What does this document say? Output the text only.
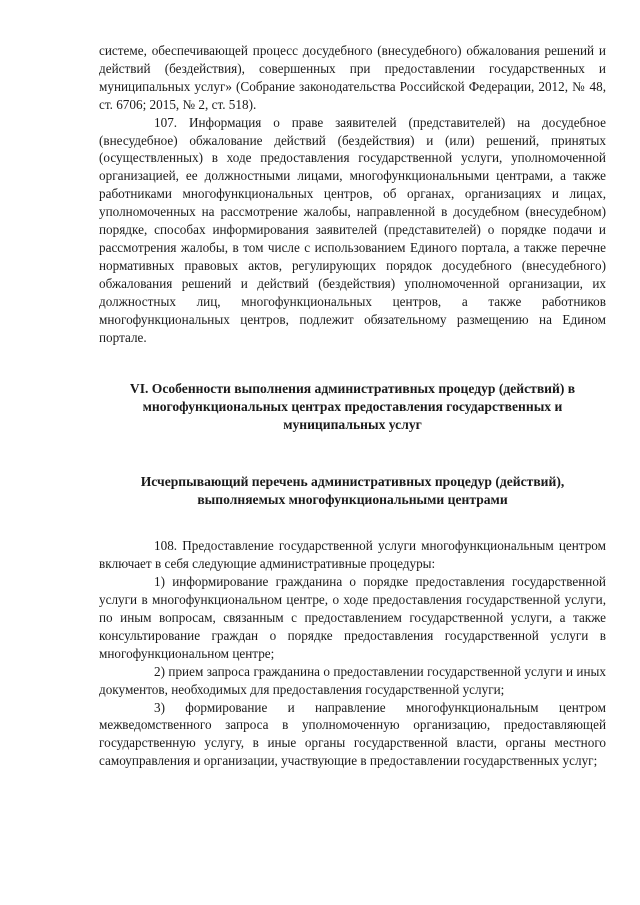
системе, обеспечивающей процесс досудебного (внесудебного) обжалования решений и действий (бездействия), совершенных при предоставлении государственных и муниципальных услуг» (Собрание законодательства Российской Федерации, 2012, № 48, ст. 6706; 2015, № 2, ст. 518).

107. Информация о праве заявителей (представителей) на досудебное (внесудебное) обжалование действий (бездействия) и (или) решений, принятых (осуществленных) в ходе предоставления государственной услуги, уполномоченной организацией, ее должностными лицами, многофункциональными центрами, а также работниками многофункциональных центров, об органах, организациях и лицах, уполномоченных на рассмотрение жалобы, направленной в досудебном (внесудебном) порядке, способах информирования заявителей (представителей) о порядке подачи и рассмотрения жалобы, в том числе с использованием Единого портала, а также перечне нормативных правовых актов, регулирующих порядок досудебного (внесудебного) обжалования решений и действий (бездействия) уполномоченной организации, их должностных лиц, многофункциональных центров, а также работников многофункциональных центров, подлежит обязательному размещению на Едином портале.

VI. Особенности выполнения административных процедур (действий) в многофункциональных центрах предоставления государственных и муниципальных услуг

Исчерпывающий перечень административных процедур (действий), выполняемых многофункциональными центрами

108. Предоставление государственной услуги многофункциональным центром включает в себя следующие административные процедуры:

1) информирование гражданина о порядке предоставления государственной услуги в многофункциональном центре, о ходе предоставления государственной услуги, по иным вопросам, связанным с предоставлением государственной услуги, а также консультирование граждан о порядке предоставления государственной услуги в многофункциональном центре;

2) прием запроса гражданина о предоставлении государственной услуги и иных документов, необходимых для предоставления государственной услуги;

3) формирование и направление многофункциональным центром межведомственного запроса в уполномоченную организацию, предоставляющей государственную услугу, в иные органы государственной власти, органы местного самоуправления и организации, участвующие в предоставлении государственных услуг;
